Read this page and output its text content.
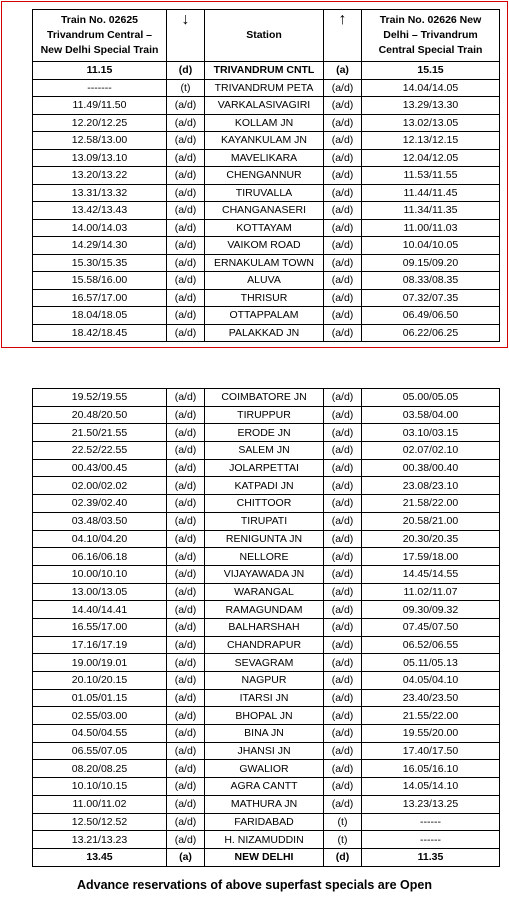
Train No. 02625
Trivandrum Central –
New Delhi Special Train	↓	Station	↑	Train No. 02626 New
Delhi – Trivandrum
Central Special Train
11.15	(d)	TRIVANDRUM CNTL	(a)	15.15
-------	(t)	TRIVANDRUM PETA	(a/d)	14.04/14.05
11.49/11.50	(a/d)	VARKALASIVAGIRI	(a/d)	13.29/13.30
12.20/12.25	(a/d)	KOLLAM JN	(a/d)	13.02/13.05
12.58/13.00	(a/d)	KAYANKULAM JN	(a/d)	12.13/12.15
13.09/13.10	(a/d)	MAVELIKARA	(a/d)	12.04/12.05
13.20/13.22	(a/d)	CHENGANNUR	(a/d)	11.53/11.55
13.31/13.32	(a/d)	TIRUVALLA	(a/d)	11.44/11.45
13.42/13.43	(a/d)	CHANGANASERI	(a/d)	11.34/11.35
14.00/14.03	(a/d)	KOTTAYAM	(a/d)	11.00/11.03
14.29/14.30	(a/d)	VAIKOM ROAD	(a/d)	10.04/10.05
15.30/15.35	(a/d)	ERNAKULAM TOWN	(a/d)	09.15/09.20
15.58/16.00	(a/d)	ALUVA	(a/d)	08.33/08.35
16.57/17.00	(a/d)	THRISUR	(a/d)	07.32/07.35
18.04/18.05	(a/d)	OTTAPPALAM	(a/d)	06.49/06.50
18.42/18.45	(a/d)	PALAKKAD JN	(a/d)	06.22/06.25

19.52/19.55	(a/d)	COIMBATORE JN	(a/d)	05.00/05.05
20.48/20.50	(a/d)	TIRUPPUR	(a/d)	03.58/04.00
21.50/21.55	(a/d)	ERODE JN	(a/d)	03.10/03.15
22.52/22.55	(a/d)	SALEM JN	(a/d)	02.07/02.10
00.43/00.45	(a/d)	JOLARPETTAI	(a/d)	00.38/00.40
02.00/02.02	(a/d)	KATPADI JN	(a/d)	23.08/23.10
02.39/02.40	(a/d)	CHITTOOR	(a/d)	21.58/22.00
03.48/03.50	(a/d)	TIRUPATI	(a/d)	20.58/21.00
04.10/04.20	(a/d)	RENIGUNTA JN	(a/d)	20.30/20.35
06.16/06.18	(a/d)	NELLORE	(a/d)	17.59/18.00
10.00/10.10	(a/d)	VIJAYAWADA JN	(a/d)	14.45/14.55
13.00/13.05	(a/d)	WARANGAL	(a/d)	11.02/11.07
14.40/14.41	(a/d)	RAMAGUNDAM	(a/d)	09.30/09.32
16.55/17.00	(a/d)	BALHARSHAH	(a/d)	07.45/07.50
17.16/17.19	(a/d)	CHANDRAPUR	(a/d)	06.52/06.55
19.00/19.01	(a/d)	SEVAGRAM	(a/d)	05.11/05.13
20.10/20.15	(a/d)	NAGPUR	(a/d)	04.05/04.10
01.05/01.15	(a/d)	ITARSI JN	(a/d)	23.40/23.50
02.55/03.00	(a/d)	BHOPAL JN	(a/d)	21.55/22.00
04.50/04.55	(a/d)	BINA JN	(a/d)	19.55/20.00
06.55/07.05	(a/d)	JHANSI JN	(a/d)	17.40/17.50
08.20/08.25	(a/d)	GWALIOR	(a/d)	16.05/16.10
10.10/10.15	(a/d)	AGRA CANTT	(a/d)	14.05/14.10
11.00/11.02	(a/d)	MATHURA JN	(a/d)	13.23/13.25
12.50/12.52	(a/d)	FARIDABAD	(t)	------
13.21/13.23	(a/d)	H. NIZAMUDDIN	(t)	------
13.45	(a)	NEW DELHI	(d)	11.35
Advance reservations of above superfast specials are Open
